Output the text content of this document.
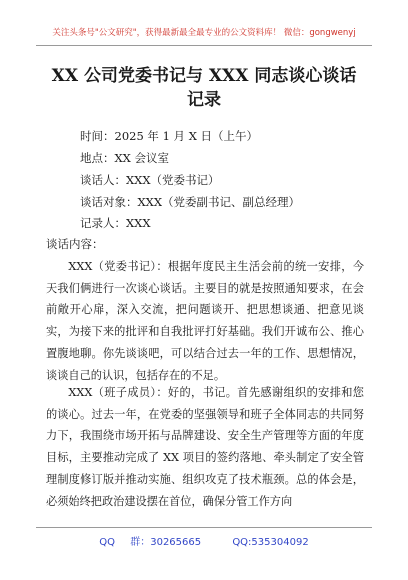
关注头条号"公文研究"，获得最新最全最专业的公文资料库！ 微信：gongwenyj
XX 公司党委书记与 XXX 同志谈心谈话
记录
时间：2025 年 1 月 X 日（上午）
地点：XX 会议室
谈话人：XXX（党委书记）
谈话对象：XXX（党委副书记、副总经理）
记录人：XXX
谈话内容：
XXX（党委书记）：根据年度民主生活会前的统一安排，今天我们俩进行一次谈心谈话。主要目的就是按照通知要求，在会前敞开心扉，深入交流，把问题谈开、把思想谈通、把意见谈实，为接下来的批评和自我批评打好基础。我们开诚布公、推心置腹地聊。你先谈谈吧，可以结合过去一年的工作、思想情况，谈谈自己的认识，包括存在的不足。
XXX（班子成员）：好的，书记。首先感谢组织的安排和您的谈心。过去一年，在党委的坚强领导和班子全体同志的共同努力下，我围绕市场开拓与品牌建设、安全生产管理等方面的年度目标，主要推动完成了 XX 项目的签约落地、牵头制定了安全管理制度修订版并推动实施、组织攻克了技术瓶颈。总的体会是，必须始终把政治建设摆在首位，确保分管工作方向
QQ 群：30265665	QQ:535304092
